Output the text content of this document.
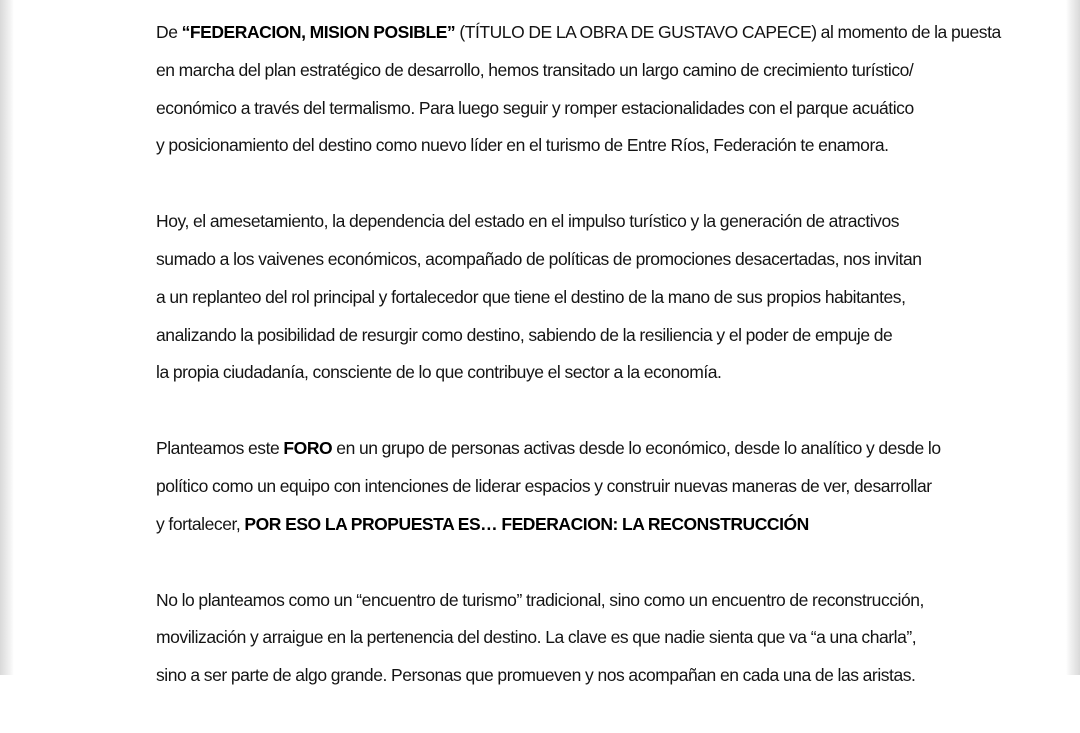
De “FEDERACION, MISION POSIBLE” (TÍTULO DE LA OBRA DE GUSTAVO CAPECE) al momento de la puesta
en marcha del plan estratégico de desarrollo, hemos transitado un largo camino de crecimiento turístico/
económico a través del termalismo. Para luego seguir y romper estacionalidades con el parque acuático
y posicionamiento del destino como nuevo líder en el turismo de Entre Ríos, Federación te enamora.

Hoy, el amesetamiento, la dependencia del estado en el impulso turístico y la generación de atractivos
sumado a los vaivenes económicos, acompañado de políticas de promociones desacertadas, nos invitan
a un replanteo del rol principal y fortalecedor que tiene el destino de la mano de sus propios habitantes,
analizando la posibilidad de resurgir como destino, sabiendo de la resiliencia y el poder de empuje de
la propia ciudadanía, consciente de lo que contribuye el sector a la economía.

Planteamos este FORO en un grupo de personas activas desde lo económico, desde lo analítico y desde lo
político como un equipo con intenciones de liderar espacios y construir nuevas maneras de ver, desarrollar
y fortalecer, POR ESO LA PROPUESTA ES… FEDERACION: LA RECONSTRUCCIÓN

No lo planteamos como un “encuentro de turismo” tradicional, sino como un encuentro de reconstrucción,
movilización y arraigue en la pertenencia del destino. La clave es que nadie sienta que va “a una charla”,
sino a ser parte de algo grande. Personas que promueven y nos acompañan en cada una de las aristas.
